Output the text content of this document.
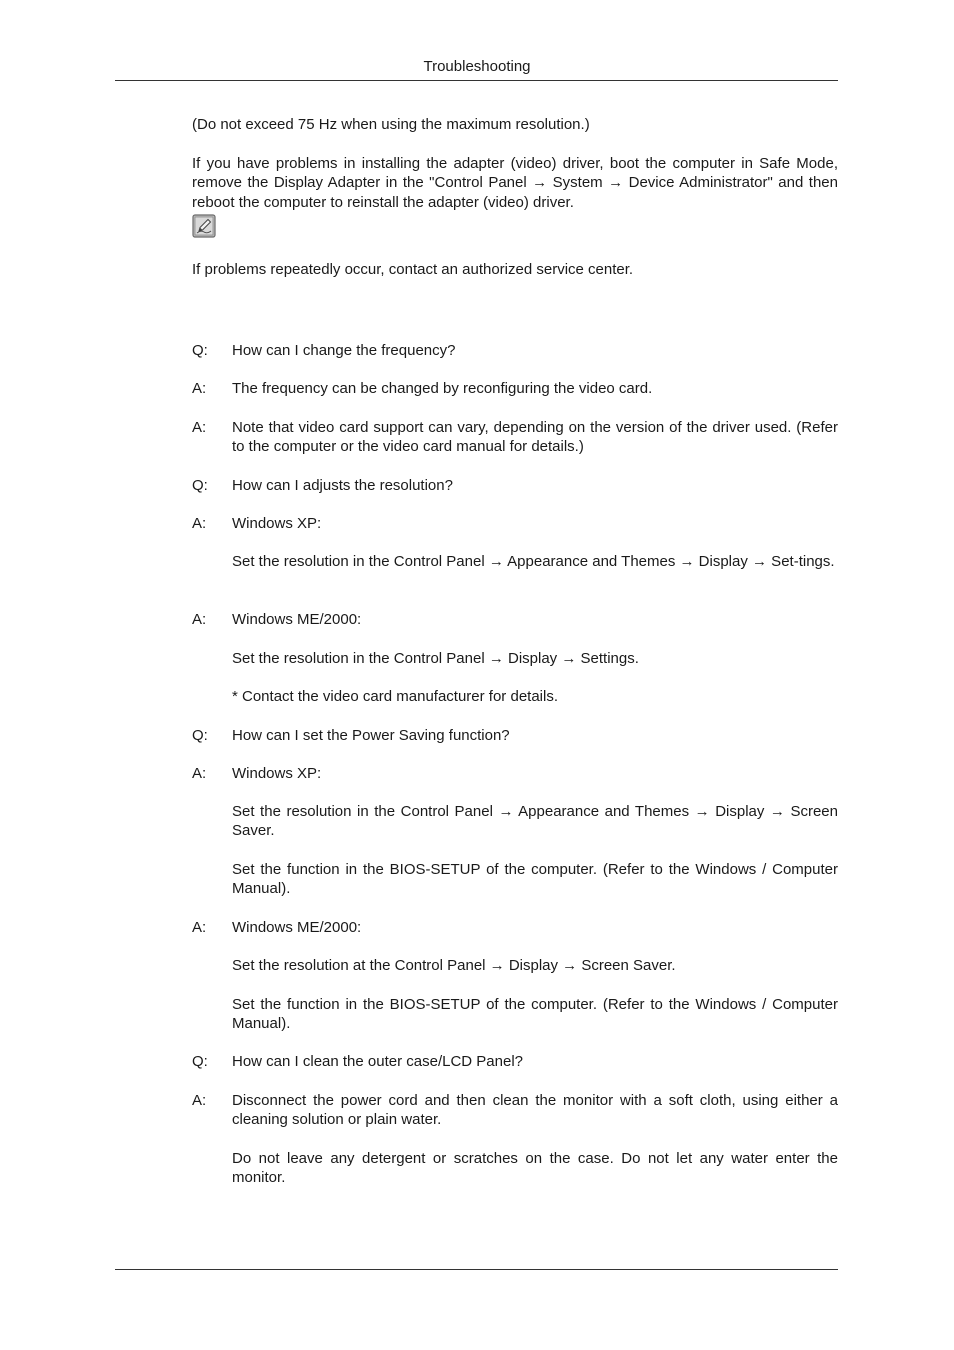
Troubleshooting
(Do not exceed 75 Hz when using the maximum resolution.)
If you have problems in installing the adapter (video) driver, boot the computer in Safe Mode, remove the Display Adapter in the "Control Panel → System → Device Administrator" and then reboot the computer to reinstall the adapter (video) driver.
If problems repeatedly occur, contact an authorized service center.
Q:	How can I change the frequency?
A:	The frequency can be changed by reconfiguring the video card.
A:	Note that video card support can vary, depending on the version of the driver used. (Refer to the computer or the video card manual for details.)
Q:	How can I adjusts the resolution?
A:	Windows XP:
Set the resolution in the Control Panel → Appearance and Themes → Display → Set-tings.
A:	Windows ME/2000:
Set the resolution in the Control Panel → Display → Settings.
* Contact the video card manufacturer for details.
Q:	How can I set the Power Saving function?
A:	Windows XP:
Set the resolution in the Control Panel → Appearance and Themes → Display → Screen Saver.
Set the function in the BIOS-SETUP of the computer. (Refer to the Windows / Computer Manual).
A:	Windows ME/2000:
Set the resolution at the Control Panel → Display → Screen Saver.
Set the function in the BIOS-SETUP of the computer. (Refer to the Windows / Computer Manual).
Q:	How can I clean the outer case/LCD Panel?
A:	Disconnect the power cord and then clean the monitor with a soft cloth, using either a cleaning solution or plain water.
Do not leave any detergent or scratches on the case. Do not let any water enter the monitor.
